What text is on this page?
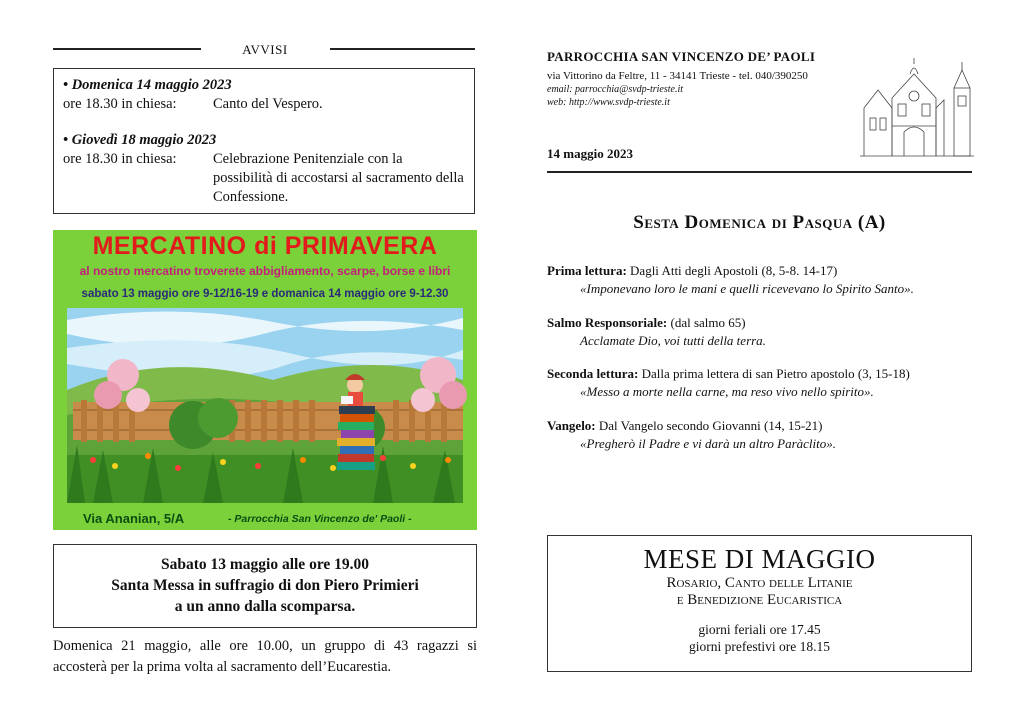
AVVISI
• Domenica 14 maggio 2023
ore 18.30 in chiesa:	Canto del Vespero.
• Giovedì 18 maggio 2023
ore 18.30 in chiesa:	Celebrazione Penitenziale con la possibilità di accostarsi al sacramento della Confessione.
MERCATINO di PRIMAVERA
al nostro mercatino troverete abbigliamento, scarpe, borse e libri
sabato 13 maggio ore 9-12/16-19 e domanica 14 maggio ore 9-12.30
Via Ananian, 5/A	- Parrocchia San Vincenzo de' Paoli -
Sabato 13 maggio alle ore 19.00
Santa Messa in suffragio di don Piero Primieri
a un anno dalla scomparsa.
Domenica 21 maggio, alle ore 10.00, un gruppo di 43 ragazzi si accosterà per la prima volta al sacramento dell’Eucarestia.
PARROCCHIA SAN VINCENZO DE’ PAOLI
via Vittorino da Feltre, 11 - 34141 Trieste - tel. 040/390250
email: parrocchia@svdp-trieste.it
web: http://www.svdp-trieste.it
14 maggio 2023
Sesta Domenica di Pasqua (A)
Prima lettura: Dagli Atti degli Apostoli (8, 5-8. 14-17)
«Imponevano loro le mani e quelli ricevevano lo Spirito Santo».
Salmo Responsoriale: (dal salmo 65)
Acclamate Dio, voi tutti della terra.
Seconda lettura: Dalla prima lettera di san Pietro apostolo (3, 15-18)
«Messo a morte nella carne, ma reso vivo nello spirito».
Vangelo: Dal Vangelo secondo Giovanni (14, 15-21)
«Pregherò il Padre e vi darà un altro Paràclito».
MESE DI MAGGIO
Rosario, Canto delle Litanie
e Benedizione Eucaristica
giorni feriali ore 17.45
giorni prefestivi ore 18.15
